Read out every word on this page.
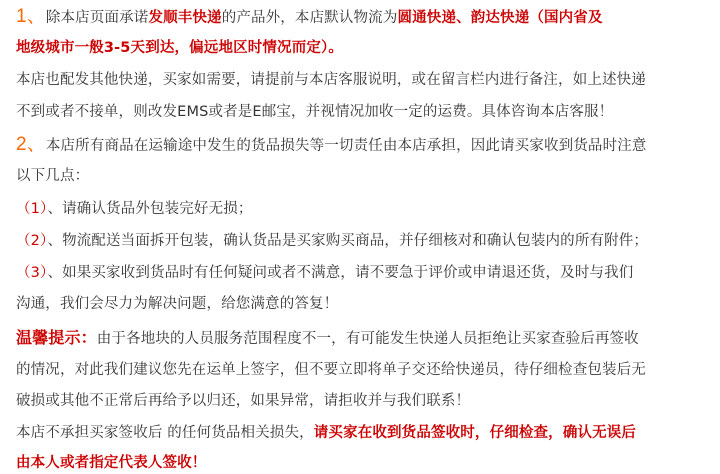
1、除本店页面承诺发顺丰快递的产品外，本店默认物流为圆通快递、韵达快递（国内省及
地级城市一般3-5天到达，偏远地区时情况而定）。
本店也配发其他快递，买家如需要，请提前与本店客服说明，或在留言栏内进行备注，如上述快递
不到或者不接单，则改发EMS或者是E邮宝，并视情况加收一定的运费。具体咨询本店客服！
2、本店所有商品在运输途中发生的货品损失等一切责任由本店承担，因此请买家收到货品时注意
以下几点：
（1）、请确认货品外包装完好无损；
（2）、物流配送当面拆开包装，确认货品是买家购买商品，并仔细核对和确认包装内的所有附件；
（3）、如果买家收到货品时有任何疑问或者不满意，请不要急于评价或申请退还货，及时与我们
沟通，我们会尽力为解决问题，给您满意的答复！
温馨提示：由于各地块的人员服务范围程度不一，有可能发生快递人员拒绝让买家查验后再签收
的情况，对此我们建议您先在运单上签字，但不要立即将单子交还给快递员，待仔细检查包装后无
破损或其他不正常后再给予以归还，如果异常，请拒收并与我们联系！
本店不承担买家签收后 的任何货品相关损失，请买家在收到货品签收时，仔细检查，确认无误后
由本人或者指定代表人签收！
